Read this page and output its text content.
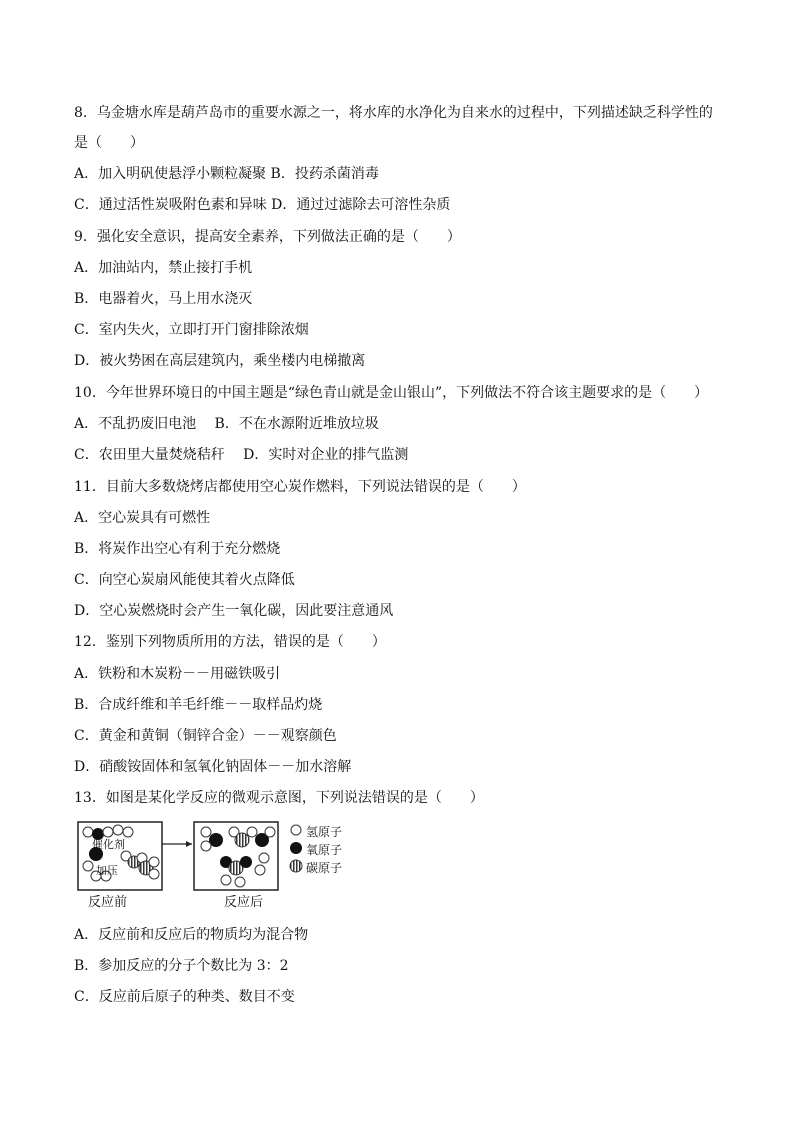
8．乌金塘水库是葫芦岛市的重要水源之一，将水库的水净化为自来水的过程中，下列描述缺乏科学性的
是（　　）
A．加入明矾使悬浮小颗粒凝聚 B．投药杀菌消毒
C．通过活性炭吸附色素和异味 D．通过过滤除去可溶性杂质
9．强化安全意识，提高安全素养，下列做法正确的是（　　）
A．加油站内，禁止接打手机
B．电器着火，马上用水浇灭
C．室内失火，立即打开门窗排除浓烟
D．被火势困在高层建筑内，乘坐楼内电梯撤离
10．今年世界环境日的中国主题是“绿色青山就是金山银山”，下列做法不符合该主题要求的是（　　）
A．不乱扔废旧电池　 B．不在水源附近堆放垃圾
C．农田里大量焚烧秸秆　 D．实时对企业的排气监测
11．目前大多数烧烤店都使用空心炭作燃料，下列说法错误的是（　　）
A．空心炭具有可燃性
B．将炭作出空心有利于充分燃烧
C．向空心炭扇风能使其着火点降低
D．空心炭燃烧时会产生一氧化碳，因此要注意通风
12．鉴别下列物质所用的方法，错误的是（　　）
A．铁粉和木炭粉－－用磁铁吸引
B．合成纤维和羊毛纤维－－取样品灼烧
C．黄金和黄铜（铜锌合金）－－观察颜色
D．硝酸铵固体和氢氧化钠固体－－加水溶解
13．如图是某化学反应的微观示意图，下列说法错误的是（　　）
催化剂
加压
氢原子
氧原子
碳原子
反应前	反应后
A．反应前和反应后的物质均为混合物
B．参加反应的分子个数比为 3：2
C．反应前后原子的种类、数目不变
